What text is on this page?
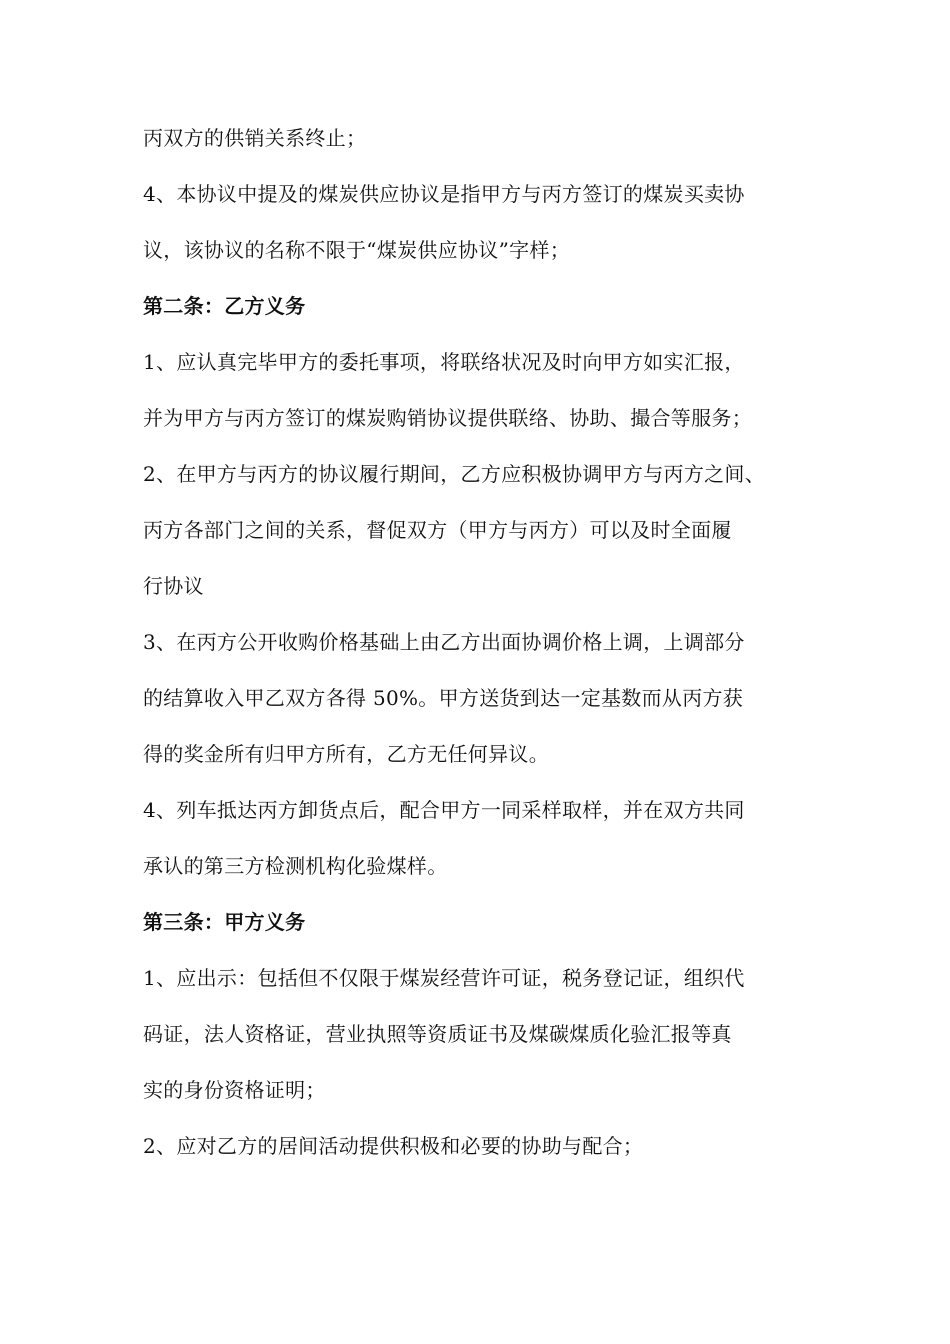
丙双方的供销关系终止；
4、本协议中提及的煤炭供应协议是指甲方与丙方签订的煤炭买卖协
议，该协议的名称不限于“煤炭供应协议”字样；
第二条：乙方义务
1、应认真完毕甲方的委托事项，将联络状况及时向甲方如实汇报，
并为甲方与丙方签订的煤炭购销协议提供联络、协助、撮合等服务；
2、在甲方与丙方的协议履行期间，乙方应积极协调甲方与丙方之间、
丙方各部门之间的关系，督促双方（甲方与丙方）可以及时全面履
行协议
3、在丙方公开收购价格基础上由乙方出面协调价格上调，上调部分
的结算收入甲乙双方各得 50%。甲方送货到达一定基数而从丙方获
得的奖金所有归甲方所有，乙方无任何异议。
4、列车抵达丙方卸货点后，配合甲方一同采样取样，并在双方共同
承认的第三方检测机构化验煤样。
第三条：甲方义务
1、应出示：包括但不仅限于煤炭经营许可证，税务登记证，组织代
码证，法人资格证，营业执照等资质证书及煤碳煤质化验汇报等真
实的身份资格证明；
2、应对乙方的居间活动提供积极和必要的协助与配合；
